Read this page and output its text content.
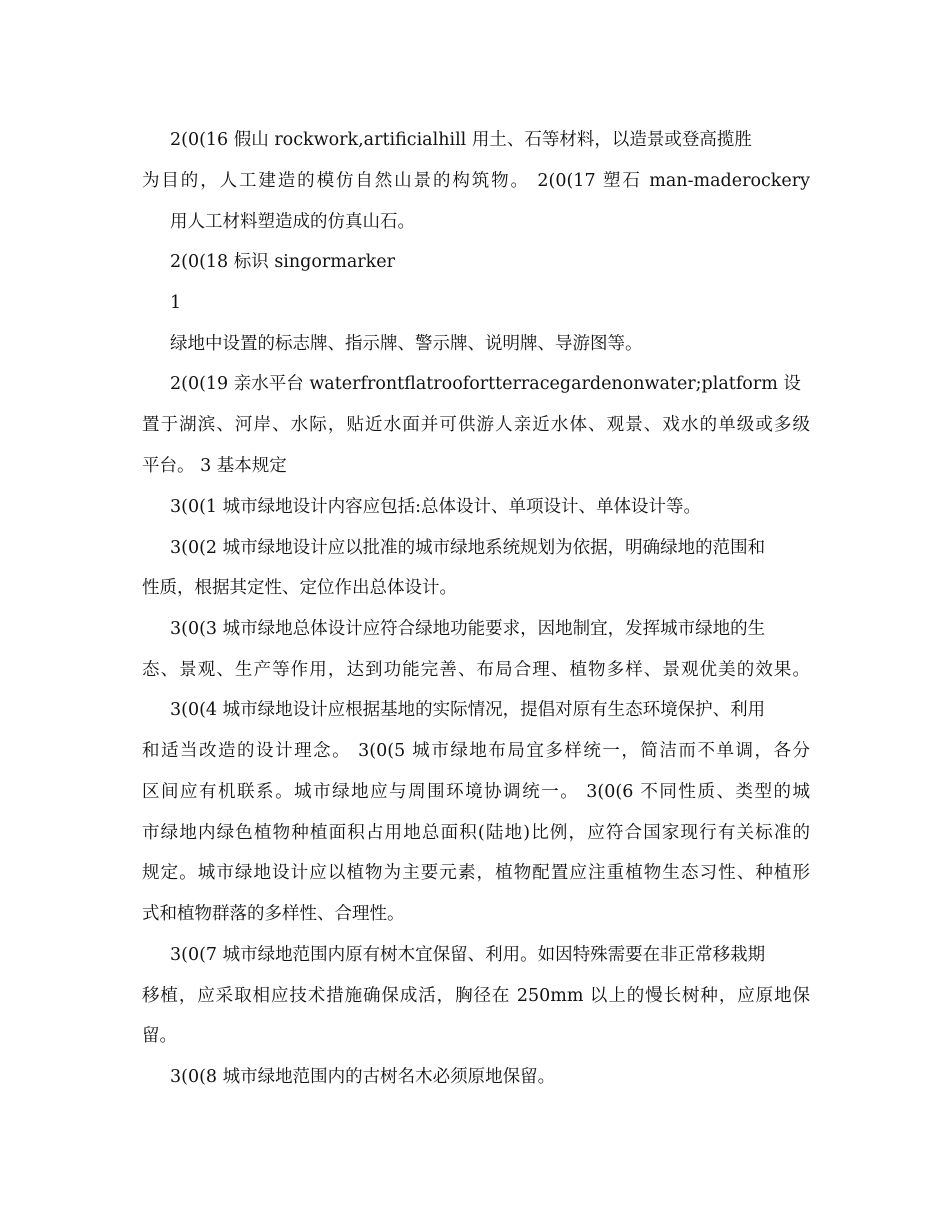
2(0(16 假山 rockwork,artificialhill 用土、石等材料，以造景或登高揽胜

为目的，人工建造的模仿自然山景的构筑物。 2(0(17 塑石 man-maderockery

用人工材料塑造成的仿真山石。

2(0(18 标识 singormarker

1

绿地中设置的标志牌、指示牌、警示牌、说明牌、导游图等。

2(0(19 亲水平台 waterfrontflatroofortterracegardenonwater;platform 设

置于湖滨、河岸、水际，贴近水面并可供游人亲近水体、观景、戏水的单级或多级

平台。 3 基本规定

3(0(1 城市绿地设计内容应包括:总体设计、单项设计、单体设计等。

3(0(2 城市绿地设计应以批准的城市绿地系统规划为依据，明确绿地的范围和

性质，根据其定性、定位作出总体设计。

3(0(3 城市绿地总体设计应符合绿地功能要求，因地制宜，发挥城市绿地的生

态、景观、生产等作用，达到功能完善、布局合理、植物多样、景观优美的效果。

3(0(4 城市绿地设计应根据基地的实际情况，提倡对原有生态环境保护、利用

和适当改造的设计理念。 3(0(5 城市绿地布局宜多样统一，简洁而不单调，各分

区间应有机联系。城市绿地应与周围环境协调统一。 3(0(6 不同性质、类型的城

市绿地内绿色植物种植面积占用地总面积(陆地)比例，应符合国家现行有关标准的

规定。城市绿地设计应以植物为主要元素，植物配置应注重植物生态习性、种植形

式和植物群落的多样性、合理性。

3(0(7 城市绿地范围内原有树木宜保留、利用。如因特殊需要在非正常移栽期

移植，应采取相应技术措施确保成活，胸径在 250mm 以上的慢长树种，应原地保

留。

3(0(8 城市绿地范围内的古树名木必须原地保留。
